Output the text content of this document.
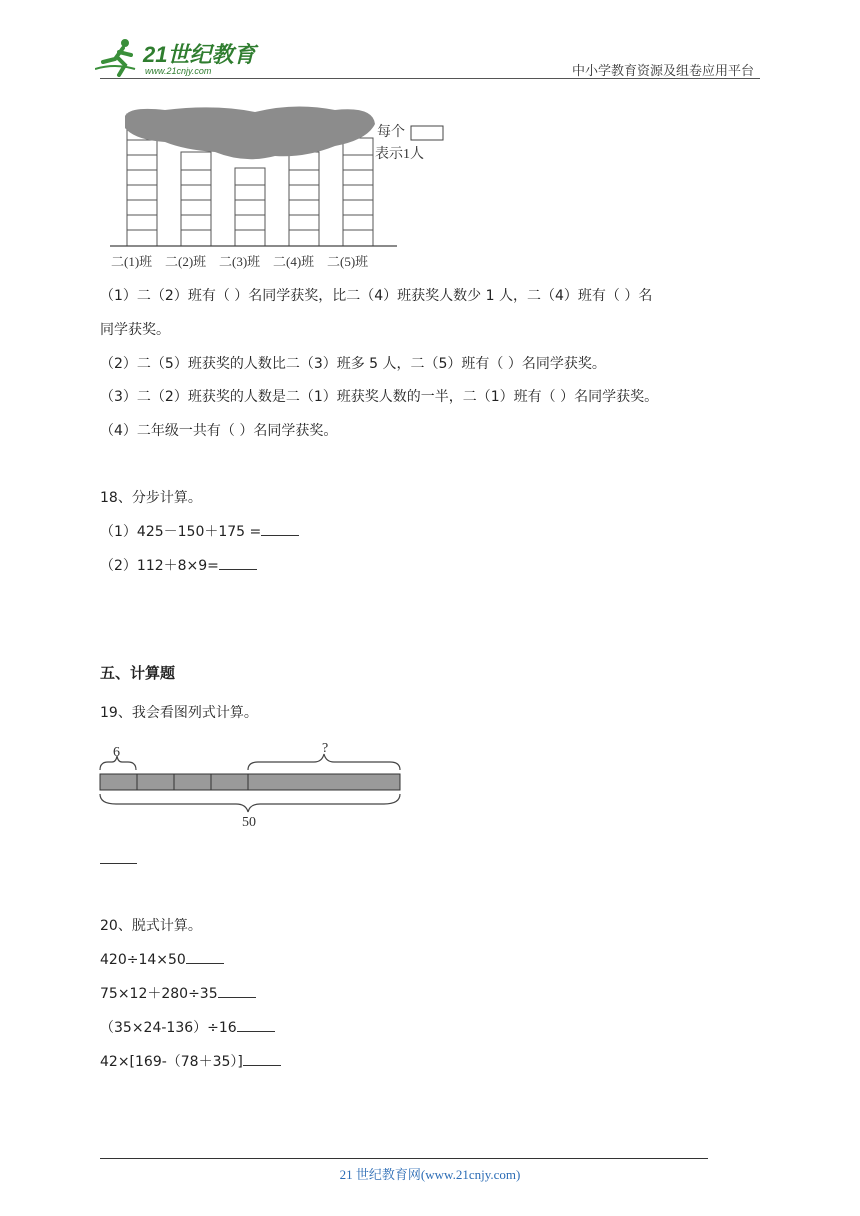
21世纪教育
www.21cnjy.com	中小学教育资源及组卷应用平台
每个
表示1人
二(1)班 二(2)班 二(3)班 二(4)班 二(5)班
（1）二（2）班有（ ）名同学获奖，比二（4）班获奖人数少 1 人，二（4）班有（ ）名
同学获奖。
（2）二（5）班获奖的人数比二（3）班多 5 人，二（5）班有（ ）名同学获奖。
（3）二（2）班获奖的人数是二（1）班获奖人数的一半，二（1）班有（ ）名同学获奖。
（4）二年级一共有（ ）名同学获奖。
18、分步计算。
（1）425－150＋175 =
（2）112＋8×9=
五、计算题
19、我会看图列式计算。
6	?
50
20、脱式计算。
420÷14×50
75×12＋280÷35
（35×24-136）÷16
42×[169-（78＋35）]
21 世纪教育网(www.21cnjy.com)
